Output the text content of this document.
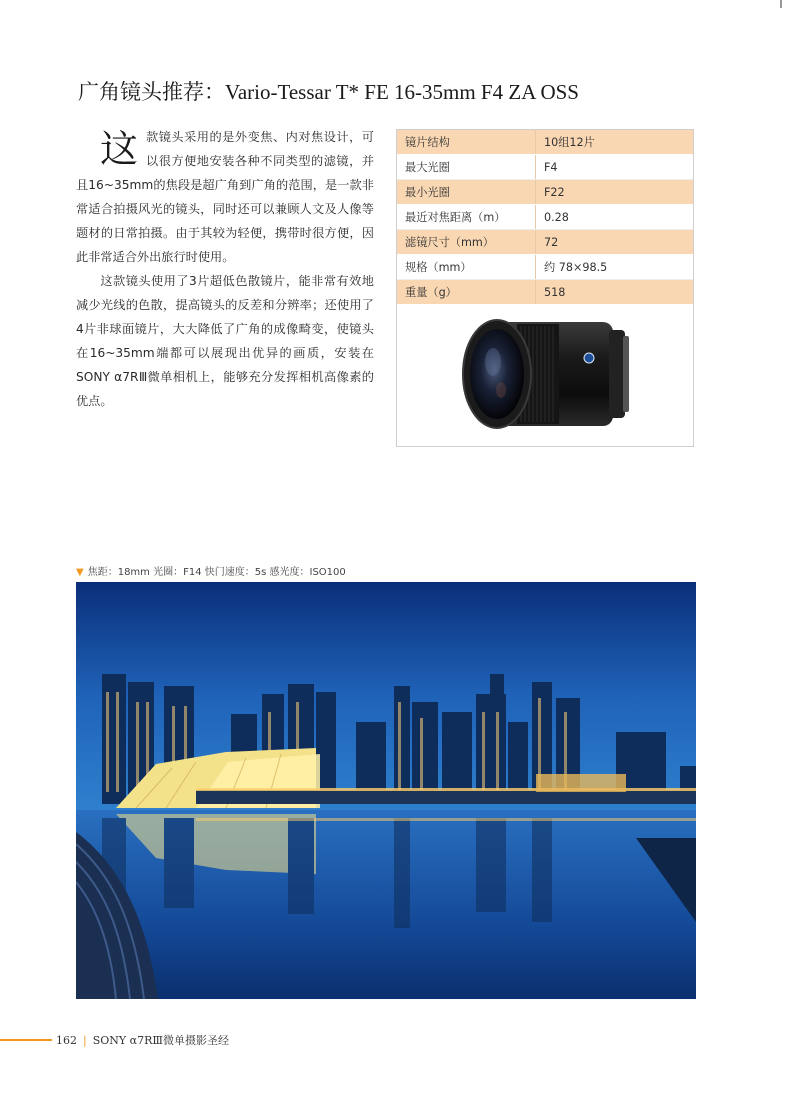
广角镜头推荐：Vario-Tessar T* FE 16-35mm F4 ZA OSS
这 款镜头采用的是外变焦、内对焦设计，可以很方便地安装各种不同类型的滤镜，并且16~35mm的焦段是超广角到广角的范围，是一款非常适合拍摄风光的镜头，同时还可以兼顾人文及人像等题材的日常拍摄。由于其较为轻便，携带时很方便，因此非常适合外出旅行时使用。

这款镜头使用了3片超低色散镜片，能非常有效地减少光线的色散，提高镜头的反差和分辨率；还使用了4片非球面镜片，大大降低了广角的成像畸变，使镜头在16~35mm端都可以展现出优异的画质，安装在SONY α7RⅢ微单相机上，能够充分发挥相机高像素的优点。

镜片结构	10组12片
最大光圈	F4
最小光圈	F22
最近对焦距离（m）	0.28
滤镜尺寸（mm）	72
规格（mm）	约 78×98.5
重量（g）	518
▼ 焦距：18mm 光圈：F14 快门速度：5s 感光度：ISO100
162 | SONY α7RⅢ微单摄影圣经
